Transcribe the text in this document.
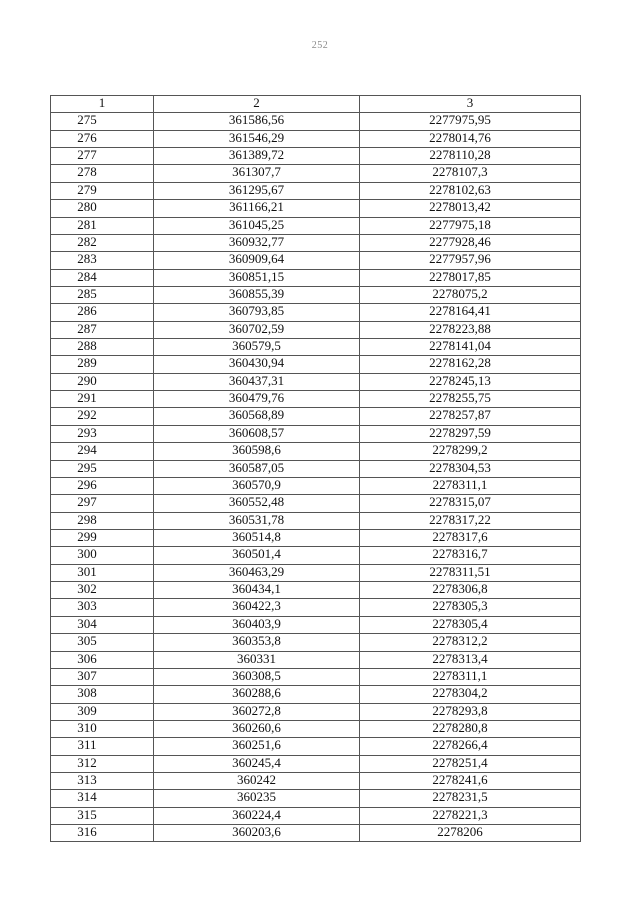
252
1	2	3
275	361586,56	2277975,95
276	361546,29	2278014,76
277	361389,72	2278110,28
278	361307,7	2278107,3
279	361295,67	2278102,63
280	361166,21	2278013,42
281	361045,25	2277975,18
282	360932,77	2277928,46
283	360909,64	2277957,96
284	360851,15	2278017,85
285	360855,39	2278075,2
286	360793,85	2278164,41
287	360702,59	2278223,88
288	360579,5	2278141,04
289	360430,94	2278162,28
290	360437,31	2278245,13
291	360479,76	2278255,75
292	360568,89	2278257,87
293	360608,57	2278297,59
294	360598,6	2278299,2
295	360587,05	2278304,53
296	360570,9	2278311,1
297	360552,48	2278315,07
298	360531,78	2278317,22
299	360514,8	2278317,6
300	360501,4	2278316,7
301	360463,29	2278311,51
302	360434,1	2278306,8
303	360422,3	2278305,3
304	360403,9	2278305,4
305	360353,8	2278312,2
306	360331	2278313,4
307	360308,5	2278311,1
308	360288,6	2278304,2
309	360272,8	2278293,8
310	360260,6	2278280,8
311	360251,6	2278266,4
312	360245,4	2278251,4
313	360242	2278241,6
314	360235	2278231,5
315	360224,4	2278221,3
316	360203,6	2278206
